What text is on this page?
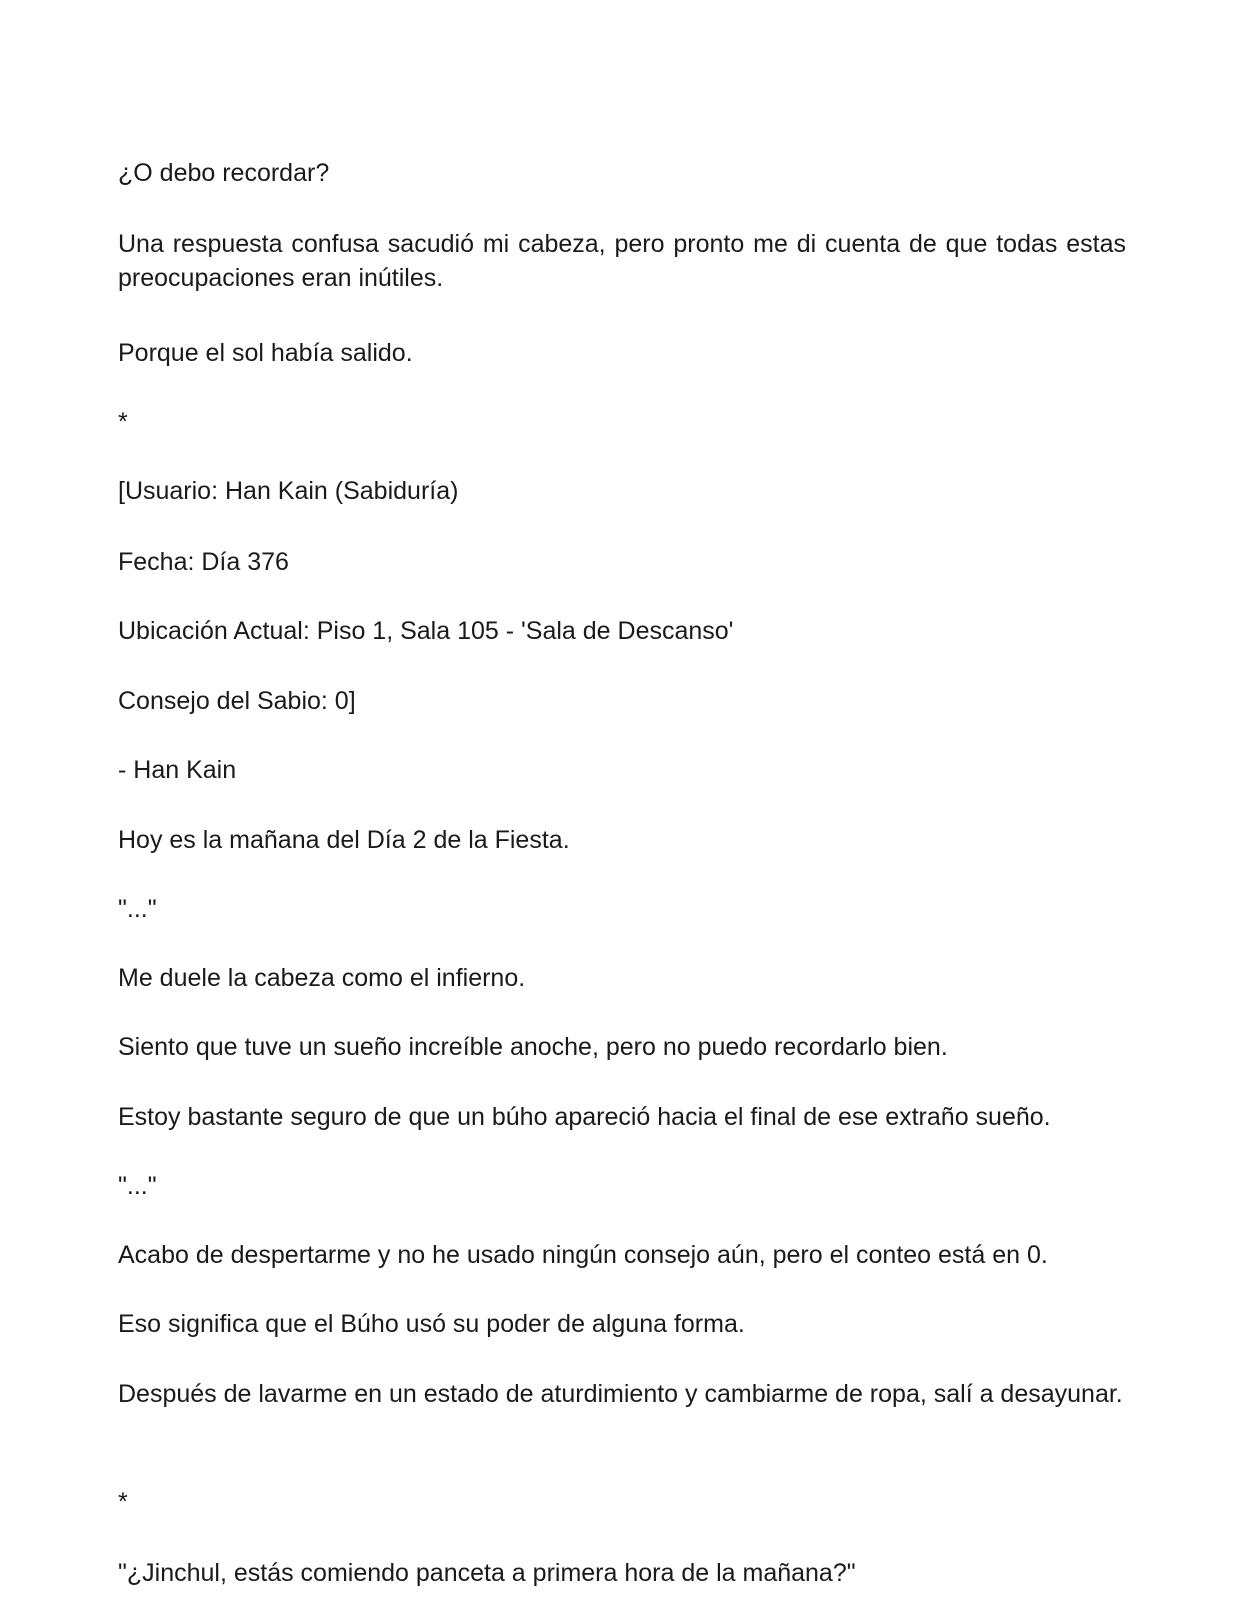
¿O debo recordar?

Una respuesta confusa sacudió mi cabeza, pero pronto me di cuenta de que todas estas preocupaciones eran inútiles.

Porque el sol había salido.

*

[Usuario: Han Kain (Sabiduría)

Fecha: Día 376

Ubicación Actual: Piso 1, Sala 105 - 'Sala de Descanso'

Consejo del Sabio: 0]

- Han Kain

Hoy es la mañana del Día 2 de la Fiesta.

"..."

Me duele la cabeza como el infierno.

Siento que tuve un sueño increíble anoche, pero no puedo recordarlo bien.

Estoy bastante seguro de que un búho apareció hacia el final de ese extraño sueño.

"..."

Acabo de despertarme y no he usado ningún consejo aún, pero el conteo está en 0.

Eso significa que el Búho usó su poder de alguna forma.

Después de lavarme en un estado de aturdimiento y cambiarme de ropa, salí a desayunar.

*

"¿Jinchul, estás comiendo panceta a primera hora de la mañana?"
